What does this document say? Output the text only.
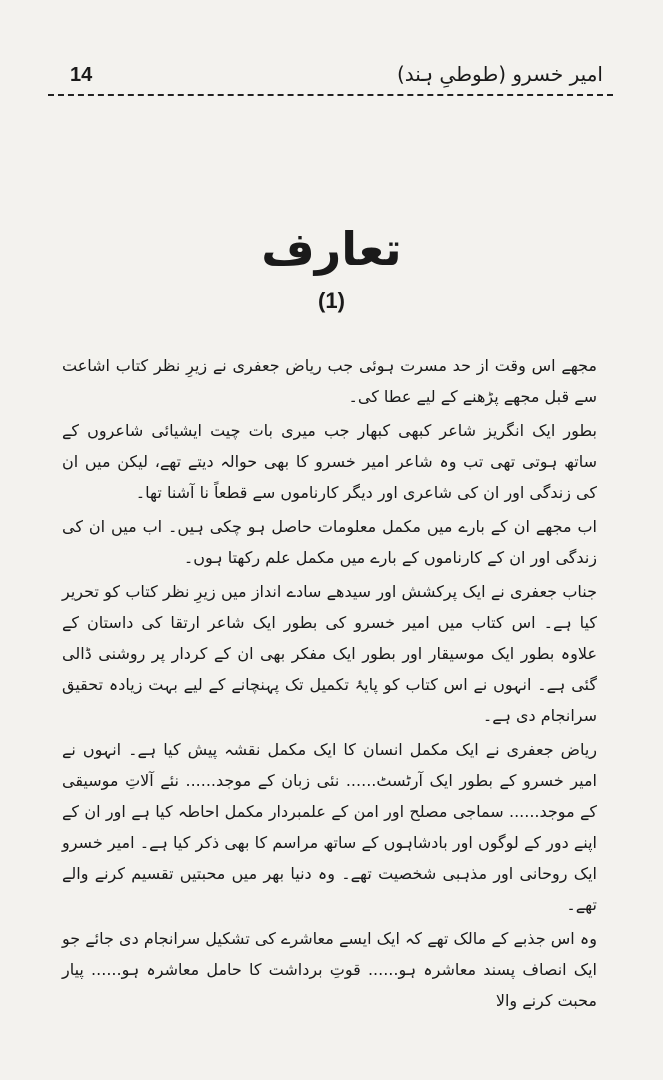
14	امیر خسرو (طوطیِ ہند)
تعارف
(1)

مجھے اس وقت از حد مسرت ہوئی جب ریاض جعفری نے زیرِ نظر کتاب اشاعت سے قبل مجھے پڑھنے کے لیے عطا کی۔

بطور ایک انگریز شاعر کبھی کبھار جب میری بات چیت ایشیائی شاعروں کے ساتھ ہوتی تھی تب وہ شاعر امیر خسرو کا بھی حوالہ دیتے تھے، لیکن میں ان کی زندگی اور ان کی شاعری اور دیگر کارناموں سے قطعاً نا آشنا تھا۔

اب مجھے ان کے بارے میں مکمل معلومات حاصل ہو چکی ہیں۔ اب میں ان کی زندگی اور ان کے کارناموں کے بارے میں مکمل علم رکھتا ہوں۔

جناب جعفری نے ایک پرکشش اور سیدھے سادے انداز میں زیرِ نظر کتاب کو تحریر کیا ہے۔ اس کتاب میں امیر خسرو کی بطور ایک شاعر ارتقا کی داستان کے علاوہ بطور ایک موسیقار اور بطور ایک مفکر بھی ان کے کردار پر روشنی ڈالی گئی ہے۔ انہوں نے اس کتاب کو پایۂ تکمیل تک پہنچانے کے لیے بہت زیادہ تحقیق سرانجام دی ہے۔

ریاض جعفری نے ایک مکمل انسان کا ایک مکمل نقشہ پیش کیا ہے۔ انہوں نے امیر خسرو کے بطور ایک آرٹسٹ...... نئی زبان کے موجد...... نئے آلاتِ موسیقی کے موجد...... سماجی مصلح اور امن کے علمبردار مکمل احاطہ کیا ہے اور ان کے اپنے دور کے لوگوں اور بادشاہوں کے ساتھ مراسم کا بھی ذکر کیا ہے۔ امیر خسرو ایک روحانی اور مذہبی شخصیت تھے۔ وہ دنیا بھر میں محبتیں تقسیم کرنے والے تھے۔

وہ اس جذبے کے مالک تھے کہ ایک ایسے معاشرے کی تشکیل سرانجام دی جائے جو ایک انصاف پسند معاشرہ ہو...... قوتِ برداشت کا حامل معاشرہ ہو...... پیار محبت کرنے والا
